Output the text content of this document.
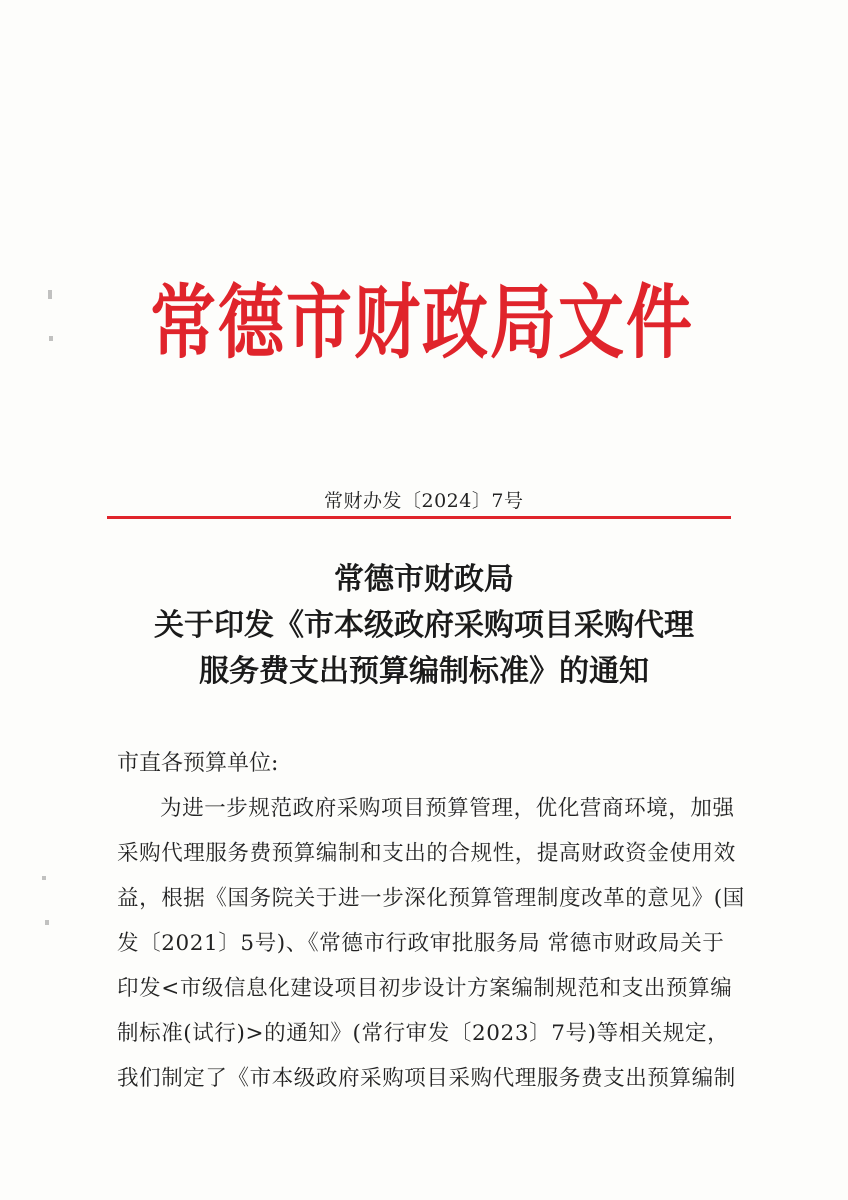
常德市财政局文件
常财办发〔2024〕7号
常德市财政局
关于印发《市本级政府采购项目采购代理
服务费支出预算编制标准》的通知
市直各预算单位:
为进一步规范政府采购项目预算管理，优化营商环境，加强
采购代理服务费预算编制和支出的合规性，提高财政资金使用效
益，根据《国务院关于进一步深化预算管理制度改革的意见》(国
发〔2021〕5号)、《常德市行政审批服务局 常德市财政局关于
印发<市级信息化建设项目初步设计方案编制规范和支出预算编
制标准(试行)>的通知》(常行审发〔2023〕7号)等相关规定，
我们制定了《市本级政府采购项目采购代理服务费支出预算编制
